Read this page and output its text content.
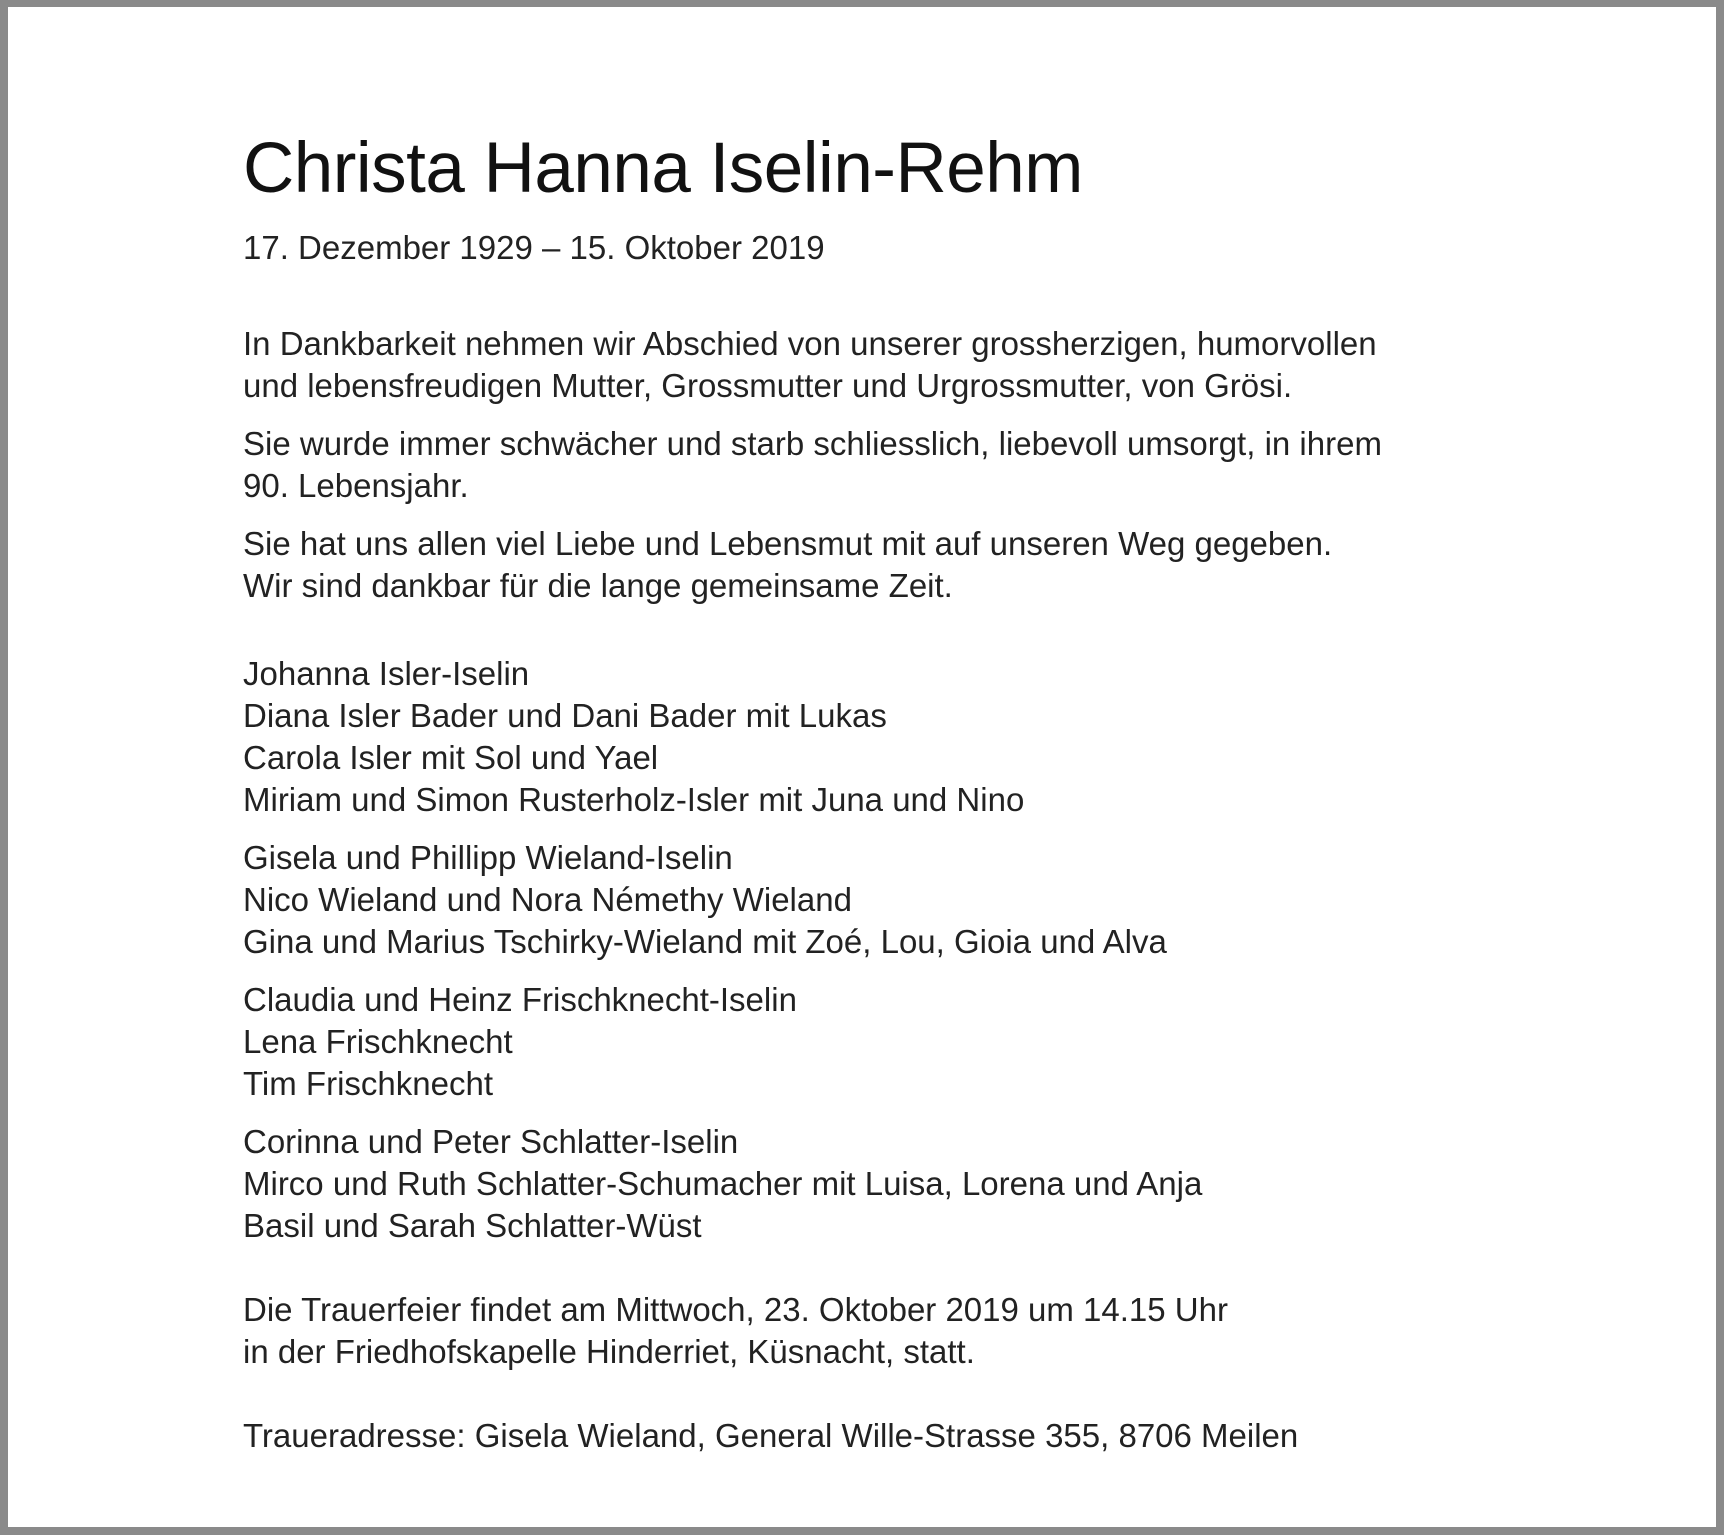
Christa Hanna Iselin-Rehm
17. Dezember 1929 – 15. Oktober 2019
In Dankbarkeit nehmen wir Abschied von unserer grossherzigen, humorvollen
und lebensfreudigen Mutter, Grossmutter und Urgrossmutter, von Grösi.
Sie wurde immer schwächer und starb schliesslich, liebevoll umsorgt, in ihrem
90. Lebensjahr.
Sie hat uns allen viel Liebe und Lebensmut mit auf unseren Weg gegeben.
Wir sind dankbar für die lange gemeinsame Zeit.
Johanna Isler-Iselin
Diana Isler Bader und Dani Bader mit Lukas
Carola Isler mit Sol und Yael
Miriam und Simon Rusterholz-Isler mit Juna und Nino
Gisela und Phillipp Wieland-Iselin
Nico Wieland und Nora Némethy Wieland
Gina und Marius Tschirky-Wieland mit Zoé, Lou, Gioia und Alva
Claudia und Heinz Frischknecht-Iselin
Lena Frischknecht
Tim Frischknecht
Corinna und Peter Schlatter-Iselin
Mirco und Ruth Schlatter-Schumacher mit Luisa, Lorena und Anja
Basil und Sarah Schlatter-Wüst
Die Trauerfeier findet am Mittwoch, 23. Oktober 2019 um 14.15 Uhr
in der Friedhofskapelle Hinderriet, Küsnacht, statt.
Traueradresse: Gisela Wieland, General Wille-Strasse 355, 8706 Meilen
